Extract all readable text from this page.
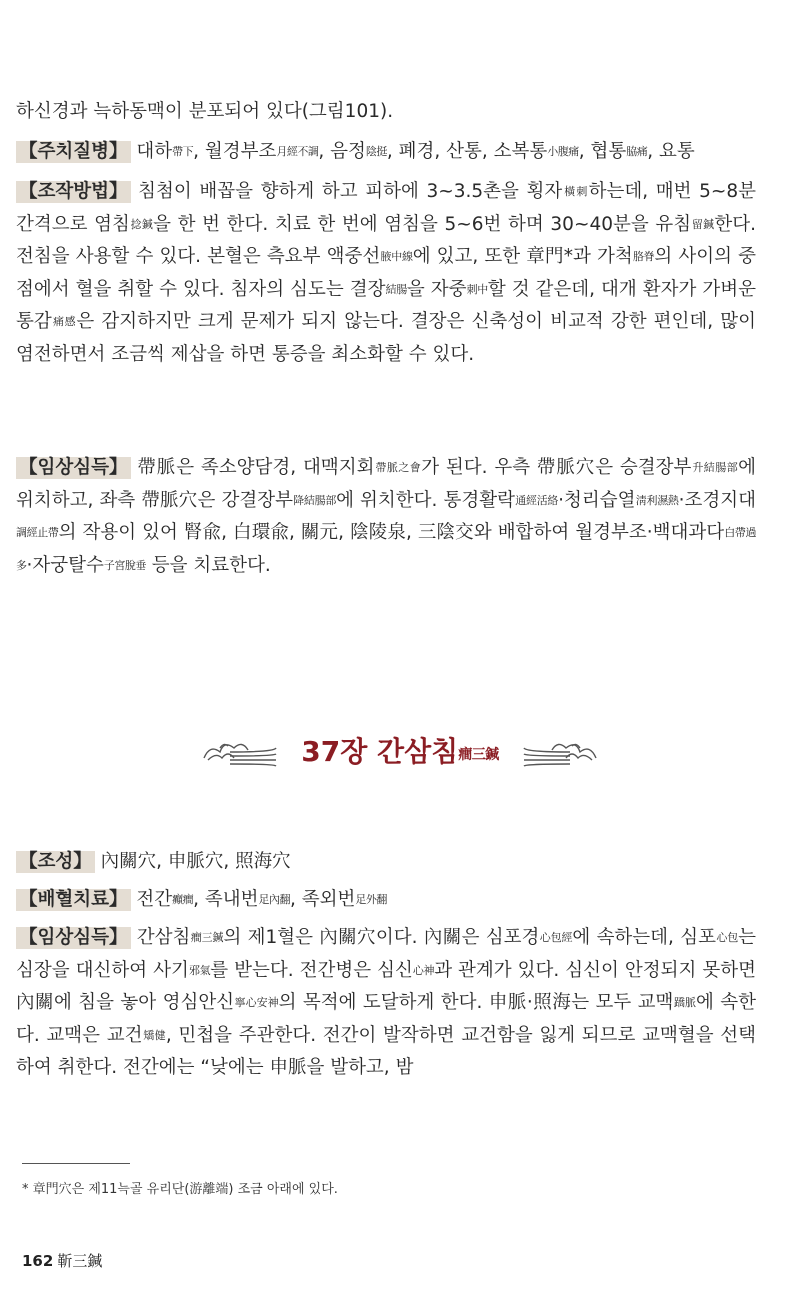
하신경과 늑하동맥이 분포되어 있다(그림101).

【주치질병】 대하帶下, 월경부조月經不調, 음정陰挺, 폐경, 산통, 소복통小腹痛, 협통脇痛, 요통

【조작방법】 침첨이 배꼽을 향하게 하고 피하에 3~3.5촌을 횡자橫刺하는데, 매번 5~8분 간격으로 염침捻鍼을 한 번 한다. 치료 한 번에 염침을 5~6번 하며 30~40분을 유침留鍼한다. 전침을 사용할 수 있다. 본혈은 측요부 액중선腋中線에 있고, 또한 章門*과 가척胳脊의 사이의 중점에서 혈을 취할 수 있다. 침자의 심도는 결장結腸을 자중刺中할 것 같은데, 대개 환자가 가벼운 통감痛感은 감지하지만 크게 문제가 되지 않는다. 결장은 신축성이 비교적 강한 편인데, 많이 염전하면서 조금씩 제삽을 하면 통증을 최소화할 수 있다.

【임상심득】 帶脈은 족소양담경, 대맥지회帶脈之會가 된다. 우측 帶脈穴은 승결장부升結腸部에 위치하고, 좌측 帶脈穴은 강결장부降結腸部에 위치한다. 통경활락通經活絡·청리습열淸利濕熱·조경지대調經止帶의 작용이 있어 腎兪, 白環兪, 關元, 陰陵泉, 三陰交와 배합하여 월경부조·백대과다白帶過多·자궁탈수子宮脫垂 등을 치료한다.

37장 간삼침癎三鍼

【조성】 內關穴, 申脈穴, 照海穴

【배혈치료】 전간癲癎, 족내번足內翻, 족외번足外翻

【임상심득】 간삼침癎三鍼의 제1혈은 內關穴이다. 內關은 심포경心包經에 속하는데, 심포心包는 심장을 대신하여 사기邪氣를 받는다. 전간병은 심신心神과 관계가 있다. 심신이 안정되지 못하면 內關에 침을 놓아 영심안신寧心安神의 목적에 도달하게 한다. 申脈·照海는 모두 교맥蹻脈에 속한다. 교맥은 교건矯健, 민첩을 주관한다. 전간이 발작하면 교건함을 잃게 되므로 교맥혈을 선택하여 취한다. 전간에는 “낮에는 申脈을 발하고, 밤

* 章門穴은 제11늑골 유리단(游離端) 조금 아래에 있다.
162 靳三鍼
